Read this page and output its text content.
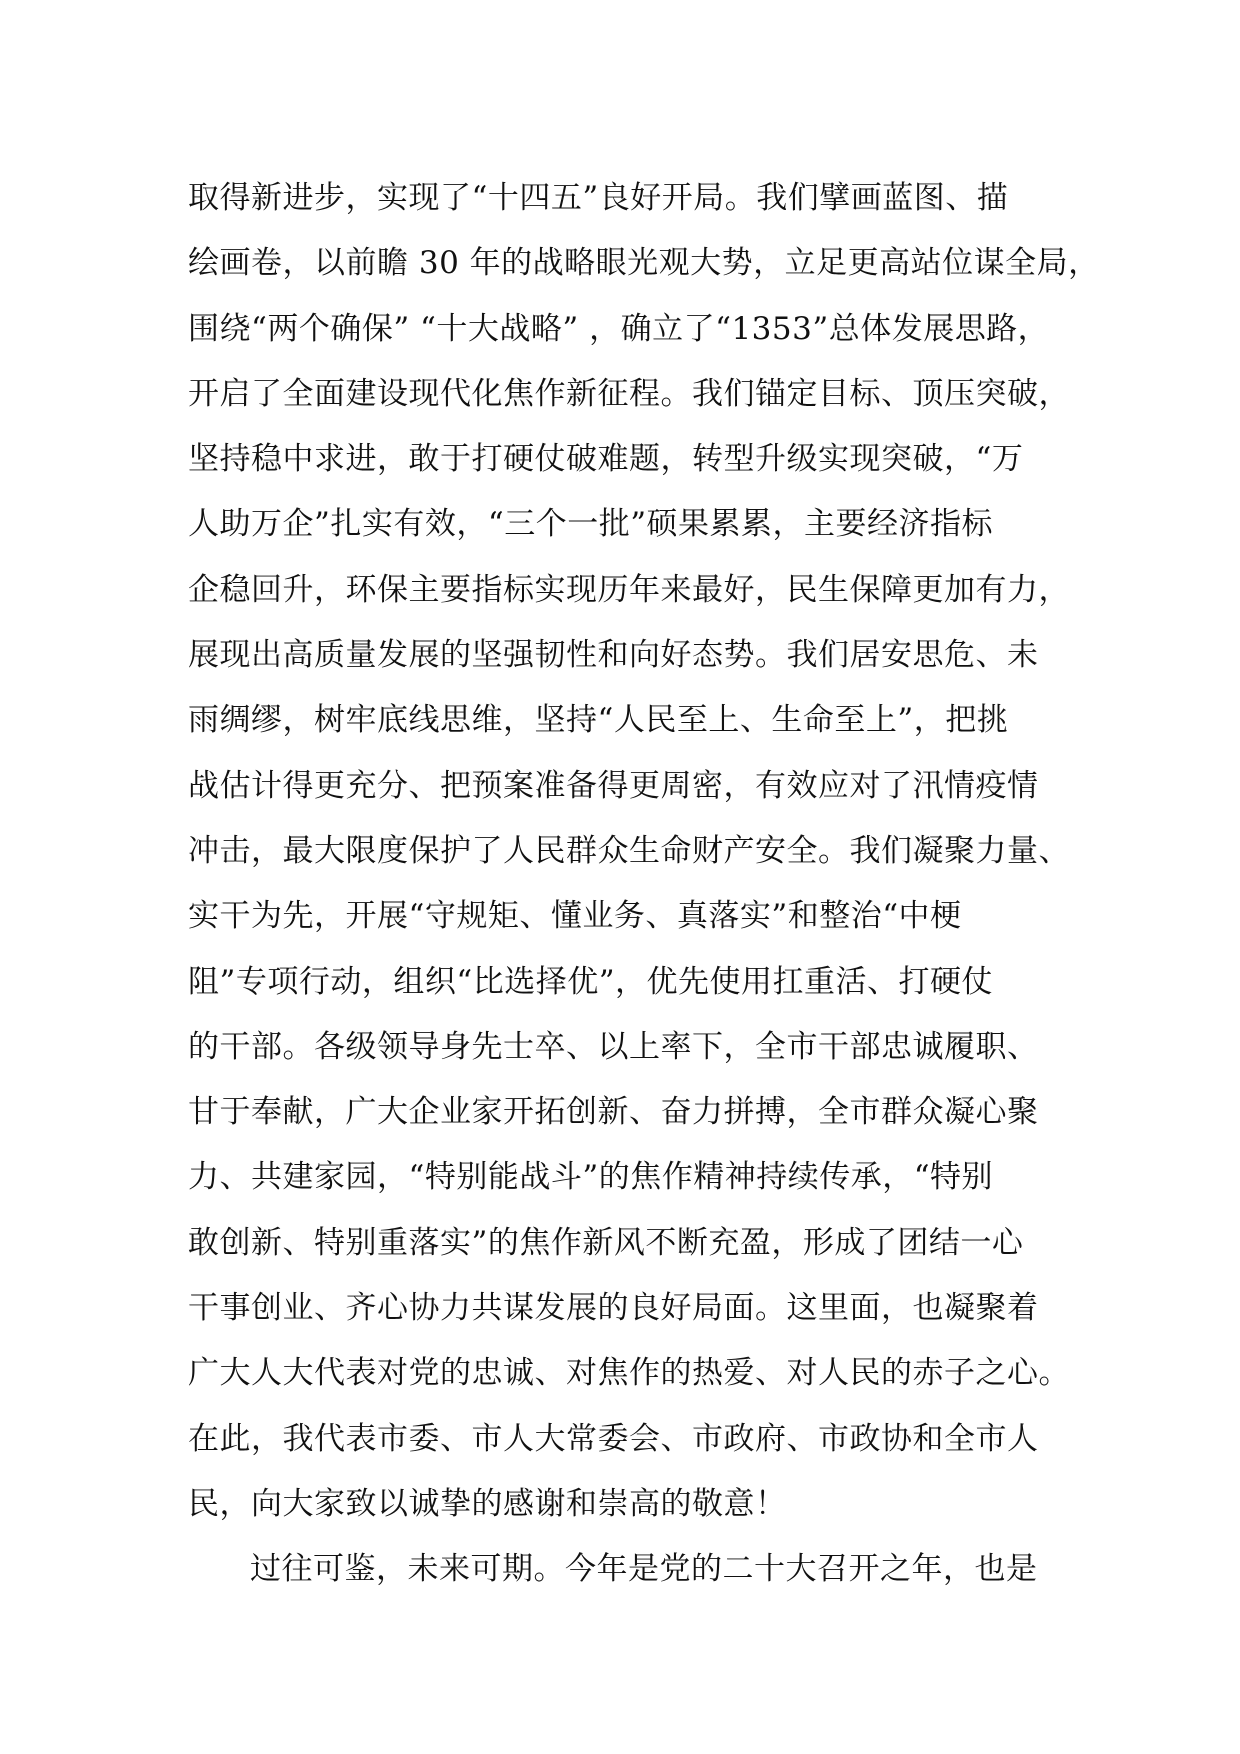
取得新进步，实现了“十四五”良好开局。我们擘画蓝图、描
绘画卷，以前瞻 30 年的战略眼光观大势，立足更高站位谋全局，
围绕“两个确保” “十大战略” ，确立了“1353”总体发展思路，
开启了全面建设现代化焦作新征程。我们锚定目标、顶压突破，
坚持稳中求进，敢于打硬仗破难题，转型升级实现突破，“万
人助万企”扎实有效，“三个一批”硕果累累，主要经济指标
企稳回升，环保主要指标实现历年来最好，民生保障更加有力，
展现出高质量发展的坚强韧性和向好态势。我们居安思危、未
雨绸缪，树牢底线思维，坚持“人民至上、生命至上”，把挑
战估计得更充分、把预案准备得更周密，有效应对了汛情疫情
冲击，最大限度保护了人民群众生命财产安全。我们凝聚力量、
实干为先，开展“守规矩、懂业务、真落实”和整治“中梗
阻”专项行动，组织“比选择优”，优先使用扛重活、打硬仗
的干部。各级领导身先士卒、以上率下，全市干部忠诚履职、
甘于奉献，广大企业家开拓创新、奋力拼搏，全市群众凝心聚
力、共建家园，“特别能战斗”的焦作精神持续传承，“特别
敢创新、特别重落实”的焦作新风不断充盈，形成了团结一心
干事创业、齐心协力共谋发展的良好局面。这里面，也凝聚着
广大人大代表对党的忠诚、对焦作的热爱、对人民的赤子之心。
在此，我代表市委、市人大常委会、市政府、市政协和全市人
民，向大家致以诚挚的感谢和崇高的敬意！
过往可鉴，未来可期。今年是党的二十大召开之年，也是
